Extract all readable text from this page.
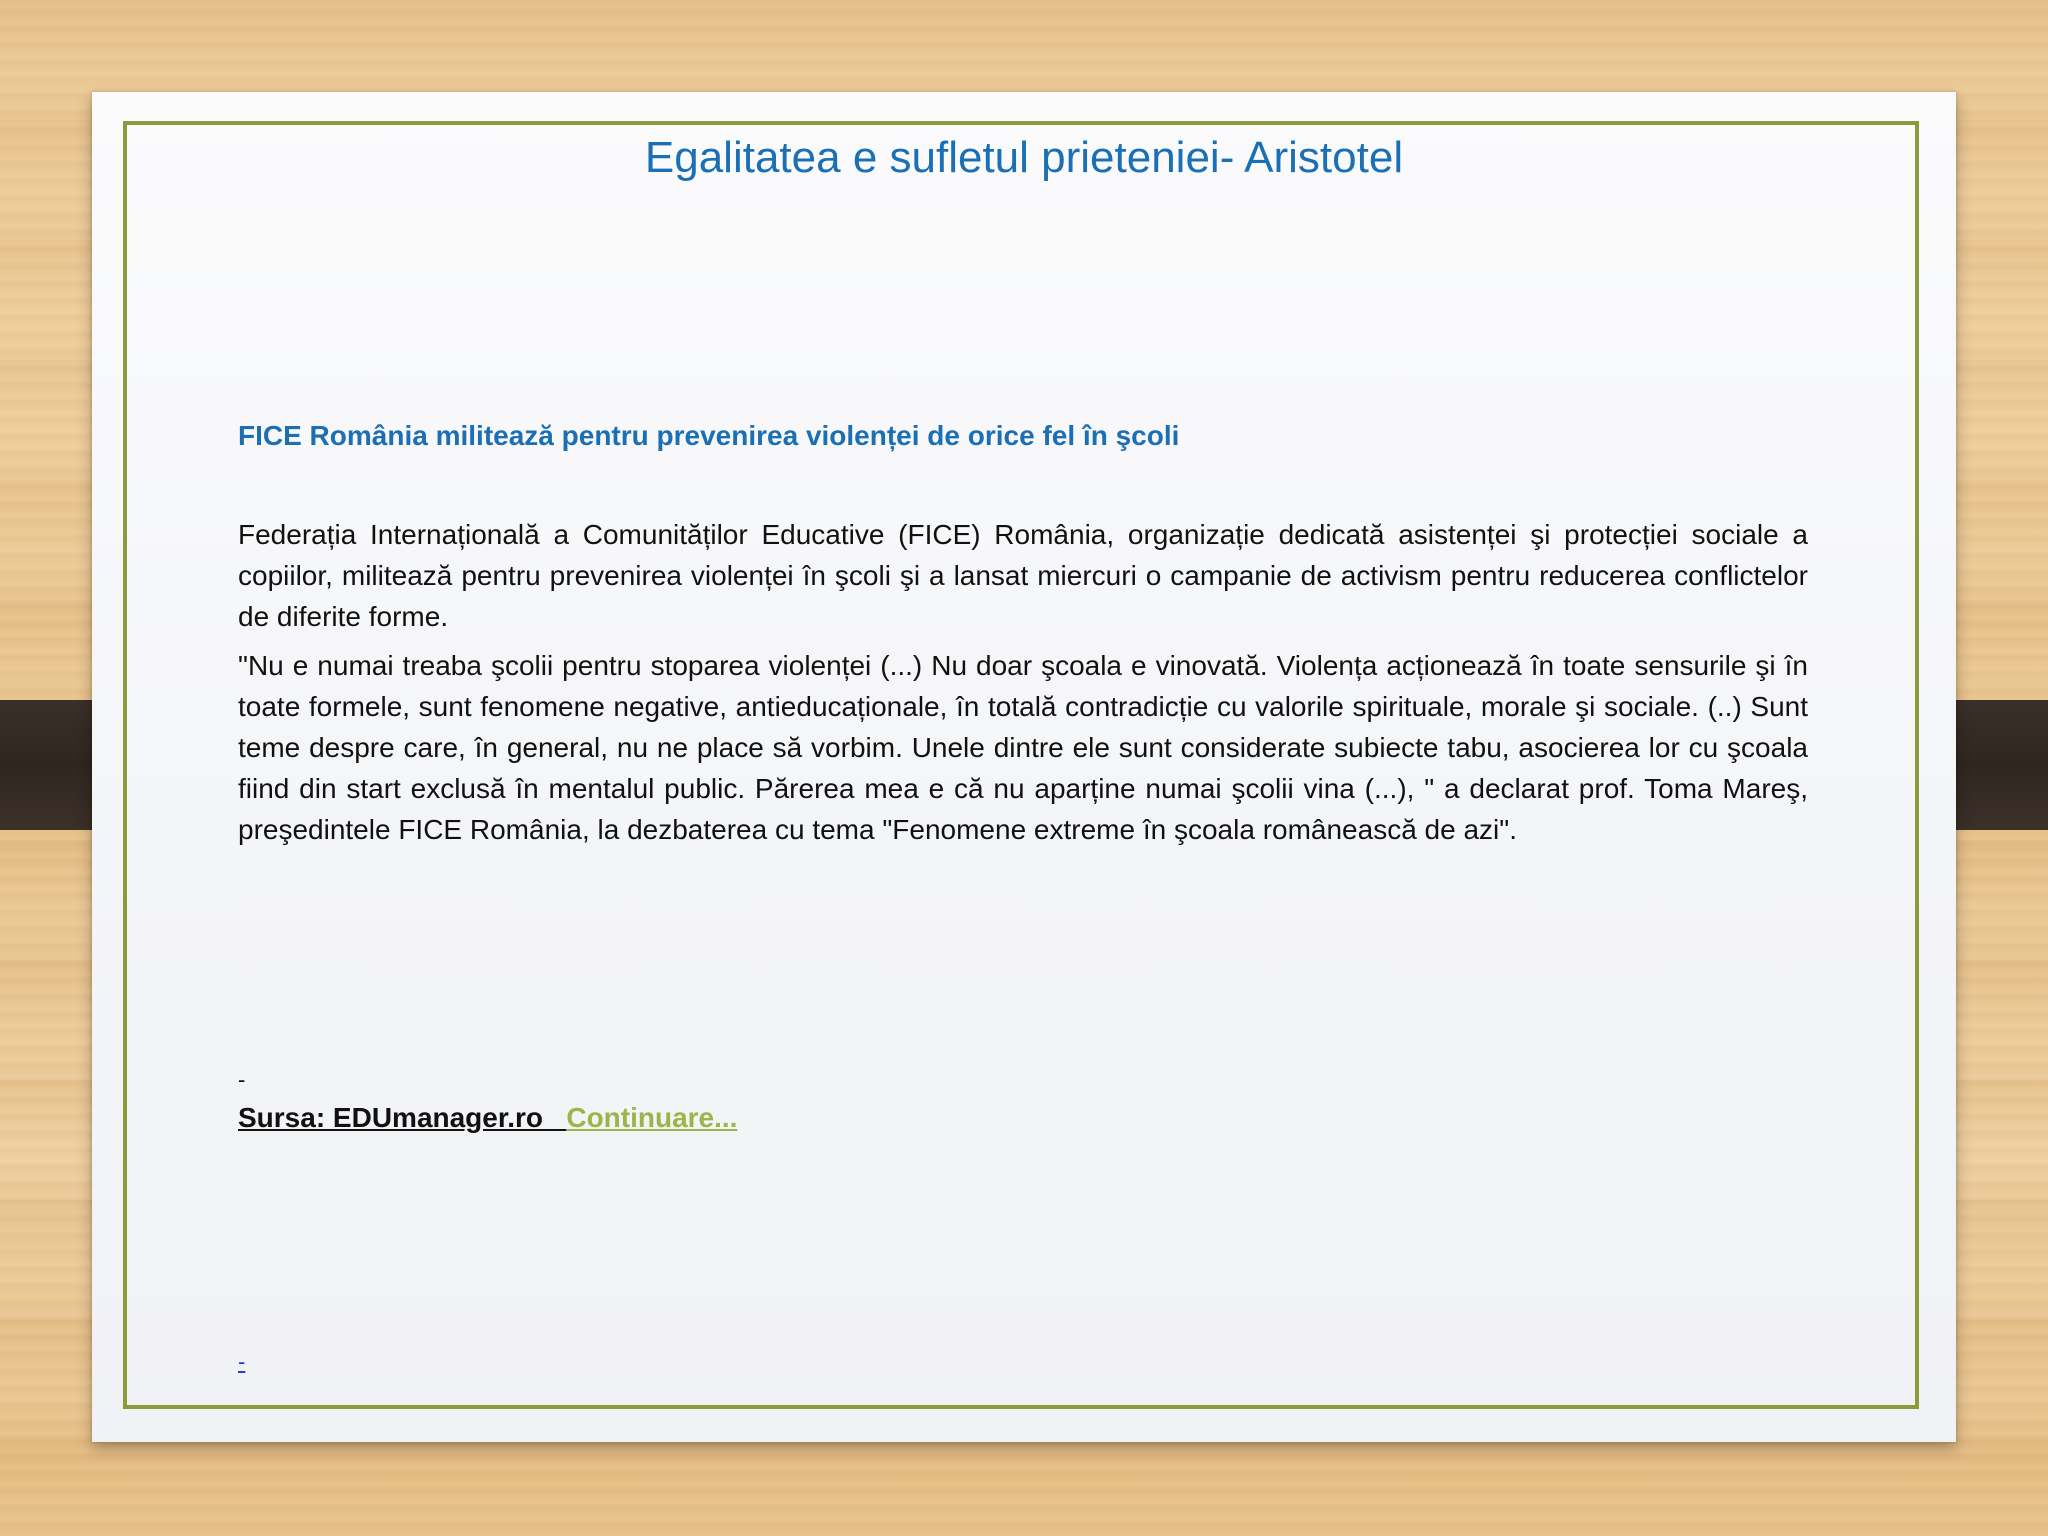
Egalitatea e sufletul prieteniei- Aristotel
FICE România militează pentru prevenirea violenței de orice fel în şcoli

Federația Internațională a Comunităților Educative (FICE) România, organizație dedicată asistenței şi protecției sociale a copiilor, militează pentru prevenirea violenței în şcoli şi a lansat miercuri o campanie de activism pentru reducerea conflictelor de diferite forme.

"Nu e numai treaba şcolii pentru stoparea violenței (...) Nu doar şcoala e vinovată. Violența acționează în toate sensurile şi în toate formele, sunt fenomene negative, antieducaționale, în totală contradicție cu valorile spirituale, morale şi sociale. (..) Sunt teme despre care, în general, nu ne place să vorbim. Unele dintre ele sunt considerate subiecte tabu, asocierea lor cu şcoala fiind din start exclusă în mentalul public. Părerea mea e că nu aparține numai şcolii vina (...), " a declarat prof. Toma Mareş, preşedintele FICE România, la dezbaterea cu tema "Fenomene extreme în şcoala românească de azi".

-
Sursa: EDUmanager.ro   Continuare...
-
